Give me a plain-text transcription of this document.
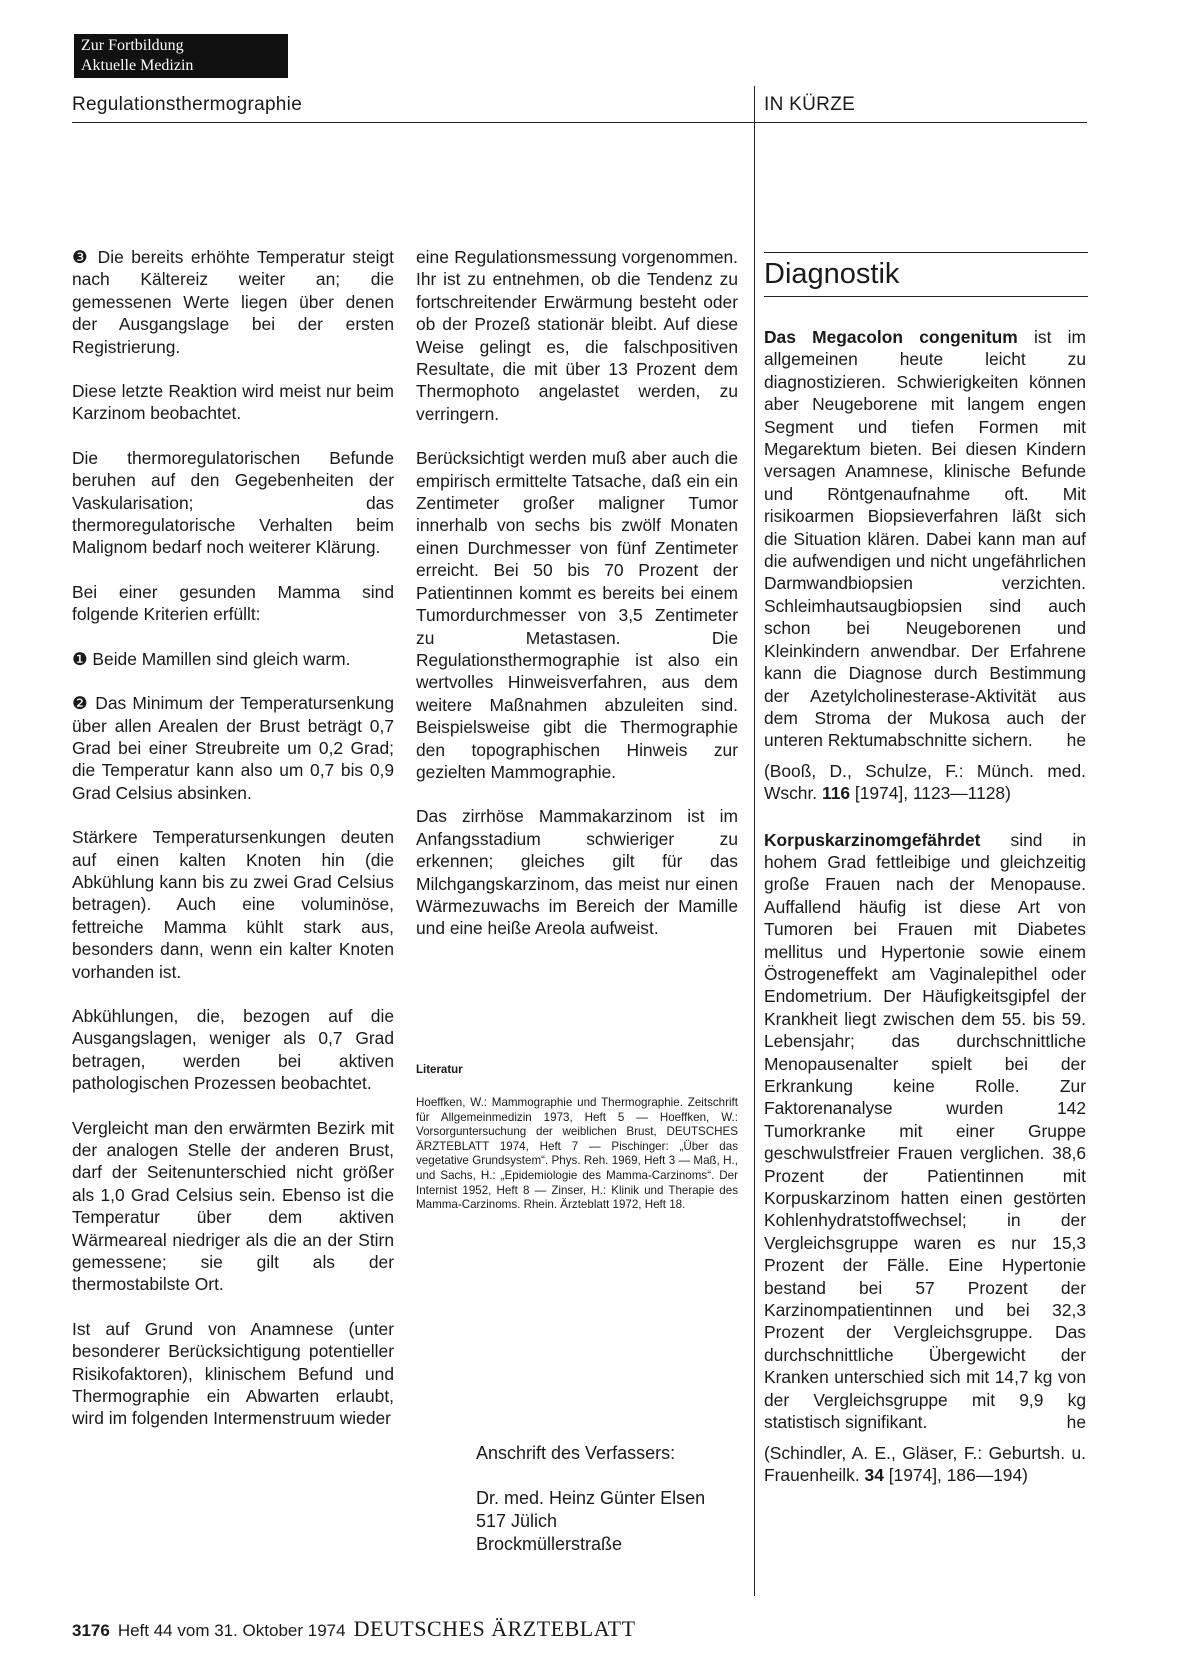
Zur Fortbildung
Aktuelle Medizin
Regulationsthermographie	IN KÜRZE

❸ Die bereits erhöhte Temperatur steigt nach Kältereiz weiter an; die gemessenen Werte liegen über denen der Ausgangslage bei der ersten Registrierung.

Diese letzte Reaktion wird meist nur beim Karzinom beobachtet.

Die thermoregulatorischen Befunde beruhen auf den Gegebenheiten der Vaskularisation; das thermoregulatorische Verhalten beim Malignom bedarf noch weiterer Klärung.

Bei einer gesunden Mamma sind folgende Kriterien erfüllt:

❶ Beide Mamillen sind gleich warm.

❷ Das Minimum der Temperatursenkung über allen Arealen der Brust beträgt 0,7 Grad bei einer Streubreite um 0,2 Grad; die Temperatur kann also um 0,7 bis 0,9 Grad Celsius absinken.

Stärkere Temperatursenkungen deuten auf einen kalten Knoten hin (die Abkühlung kann bis zu zwei Grad Celsius betragen). Auch eine voluminöse, fettreiche Mamma kühlt stark aus, besonders dann, wenn ein kalter Knoten vorhanden ist.

Abkühlungen, die, bezogen auf die Ausgangslagen, weniger als 0,7 Grad betragen, werden bei aktiven pathologischen Prozessen beobachtet.

Vergleicht man den erwärmten Bezirk mit der analogen Stelle der anderen Brust, darf der Seitenunterschied nicht größer als 1,0 Grad Celsius sein. Ebenso ist die Temperatur über dem aktiven Wärmeareal niedriger als die an der Stirn gemessene; sie gilt als der thermostabilste Ort.

Ist auf Grund von Anamnese (unter besonderer Berücksichtigung potentieller Risikofaktoren), klinischem Befund und Thermographie ein Abwarten erlaubt, wird im folgenden Intermenstruum wieder

eine Regulationsmessung vorgenommen. Ihr ist zu entnehmen, ob die Tendenz zu fortschreitender Erwärmung besteht oder ob der Prozeß stationär bleibt. Auf diese Weise gelingt es, die falschpositiven Resultate, die mit über 13 Prozent dem Thermophoto angelastet werden, zu verringern.

Berücksichtigt werden muß aber auch die empirisch ermittelte Tatsache, daß ein ein Zentimeter großer maligner Tumor innerhalb von sechs bis zwölf Monaten einen Durchmesser von fünf Zentimeter erreicht. Bei 50 bis 70 Prozent der Patientinnen kommt es bereits bei einem Tumordurchmesser von 3,5 Zentimeter zu Metastasen. Die Regulationsthermographie ist also ein wertvolles Hinweisverfahren, aus dem weitere Maßnahmen abzuleiten sind. Beispielsweise gibt die Thermographie den topographischen Hinweis zur gezielten Mammographie.

Das zirrhöse Mammakarzinom ist im Anfangsstadium schwieriger zu erkennen; gleiches gilt für das Milchgangskarzinom, das meist nur einen Wärmezuwachs im Bereich der Mamille und eine heiße Areola aufweist.

Literatur
Hoeffken, W.: Mammographie und Thermographie. Zeitschrift für Allgemeinmedizin 1973, Heft 5 — Hoeffken, W.: Vorsorguntersuchung der weiblichen Brust, DEUTSCHES ÄRZTEBLATT 1974, Heft 7 — Pischinger: „Über das vegetative Grundsystem“. Phys. Reh. 1969, Heft 3 — Maß, H., und Sachs, H.: „Epidemiologie des Mamma-Carzinoms“. Der Internist 1952, Heft 8 — Zinser, H.: Klinik und Therapie des Mamma-Carzinoms. Rhein. Ärzteblatt 1972, Heft 18.
Anschrift des Verfassers:
Dr. med. Heinz Günter Elsen
517 Jülich
Brockmüllerstraße
Diagnostik
Das Megacolon congenitum ist im allgemeinen heute leicht zu diagnostizieren. Schwierigkeiten können aber Neugeborene mit langem engen Segment und tiefen Formen mit Megarektum bieten. Bei diesen Kindern versagen Anamnese, klinische Befunde und Röntgenaufnahme oft. Mit risikoarmen Biopsieverfahren läßt sich die Situation klären. Dabei kann man auf die aufwendigen und nicht ungefährlichen Darmwandbiopsien verzichten. Schleimhautsaugbiopsien sind auch schon bei Neugeborenen und Kleinkindern anwendbar. Der Erfahrene kann die Diagnose durch Bestimmung der Azetylcholinesterase-Aktivität aus dem Stroma der Mukosa auch der unteren Rektumabschnitte sichern. he
(Booß, D., Schulze, F.: Münch. med. Wschr. 116 [1974], 1123—1128)
Korpuskarzinomgefährdet sind in hohem Grad fettleibige und gleichzeitig große Frauen nach der Menopause. Auffallend häufig ist diese Art von Tumoren bei Frauen mit Diabetes mellitus und Hypertonie sowie einem Östrogeneffekt am Vaginalepithel oder Endometrium. Der Häufigkeitsgipfel der Krankheit liegt zwischen dem 55. bis 59. Lebensjahr; das durchschnittliche Menopausenalter spielt bei der Erkrankung keine Rolle. Zur Faktorenanalyse wurden 142 Tumorkranke mit einer Gruppe geschwulstfreier Frauen verglichen. 38,6 Prozent der Patientinnen mit Korpuskarzinom hatten einen gestörten Kohlenhydratstoffwechsel; in der Vergleichsgruppe waren es nur 15,3 Prozent der Fälle. Eine Hypertonie bestand bei 57 Prozent der Karzinompatientinnen und bei 32,3 Prozent der Vergleichsgruppe. Das durchschnittliche Übergewicht der Kranken unterschied sich mit 14,7 kg von der Vergleichsgruppe mit 9,9 kg statistisch signifikant.	he
(Schindler, A. E., Gläser, F.: Geburtsh. u. Frauenheilk. 34 [1974], 186—194)
3176 Heft 44 vom 31. Oktober 1974 DEUTSCHES ÄRZTEBLATT
